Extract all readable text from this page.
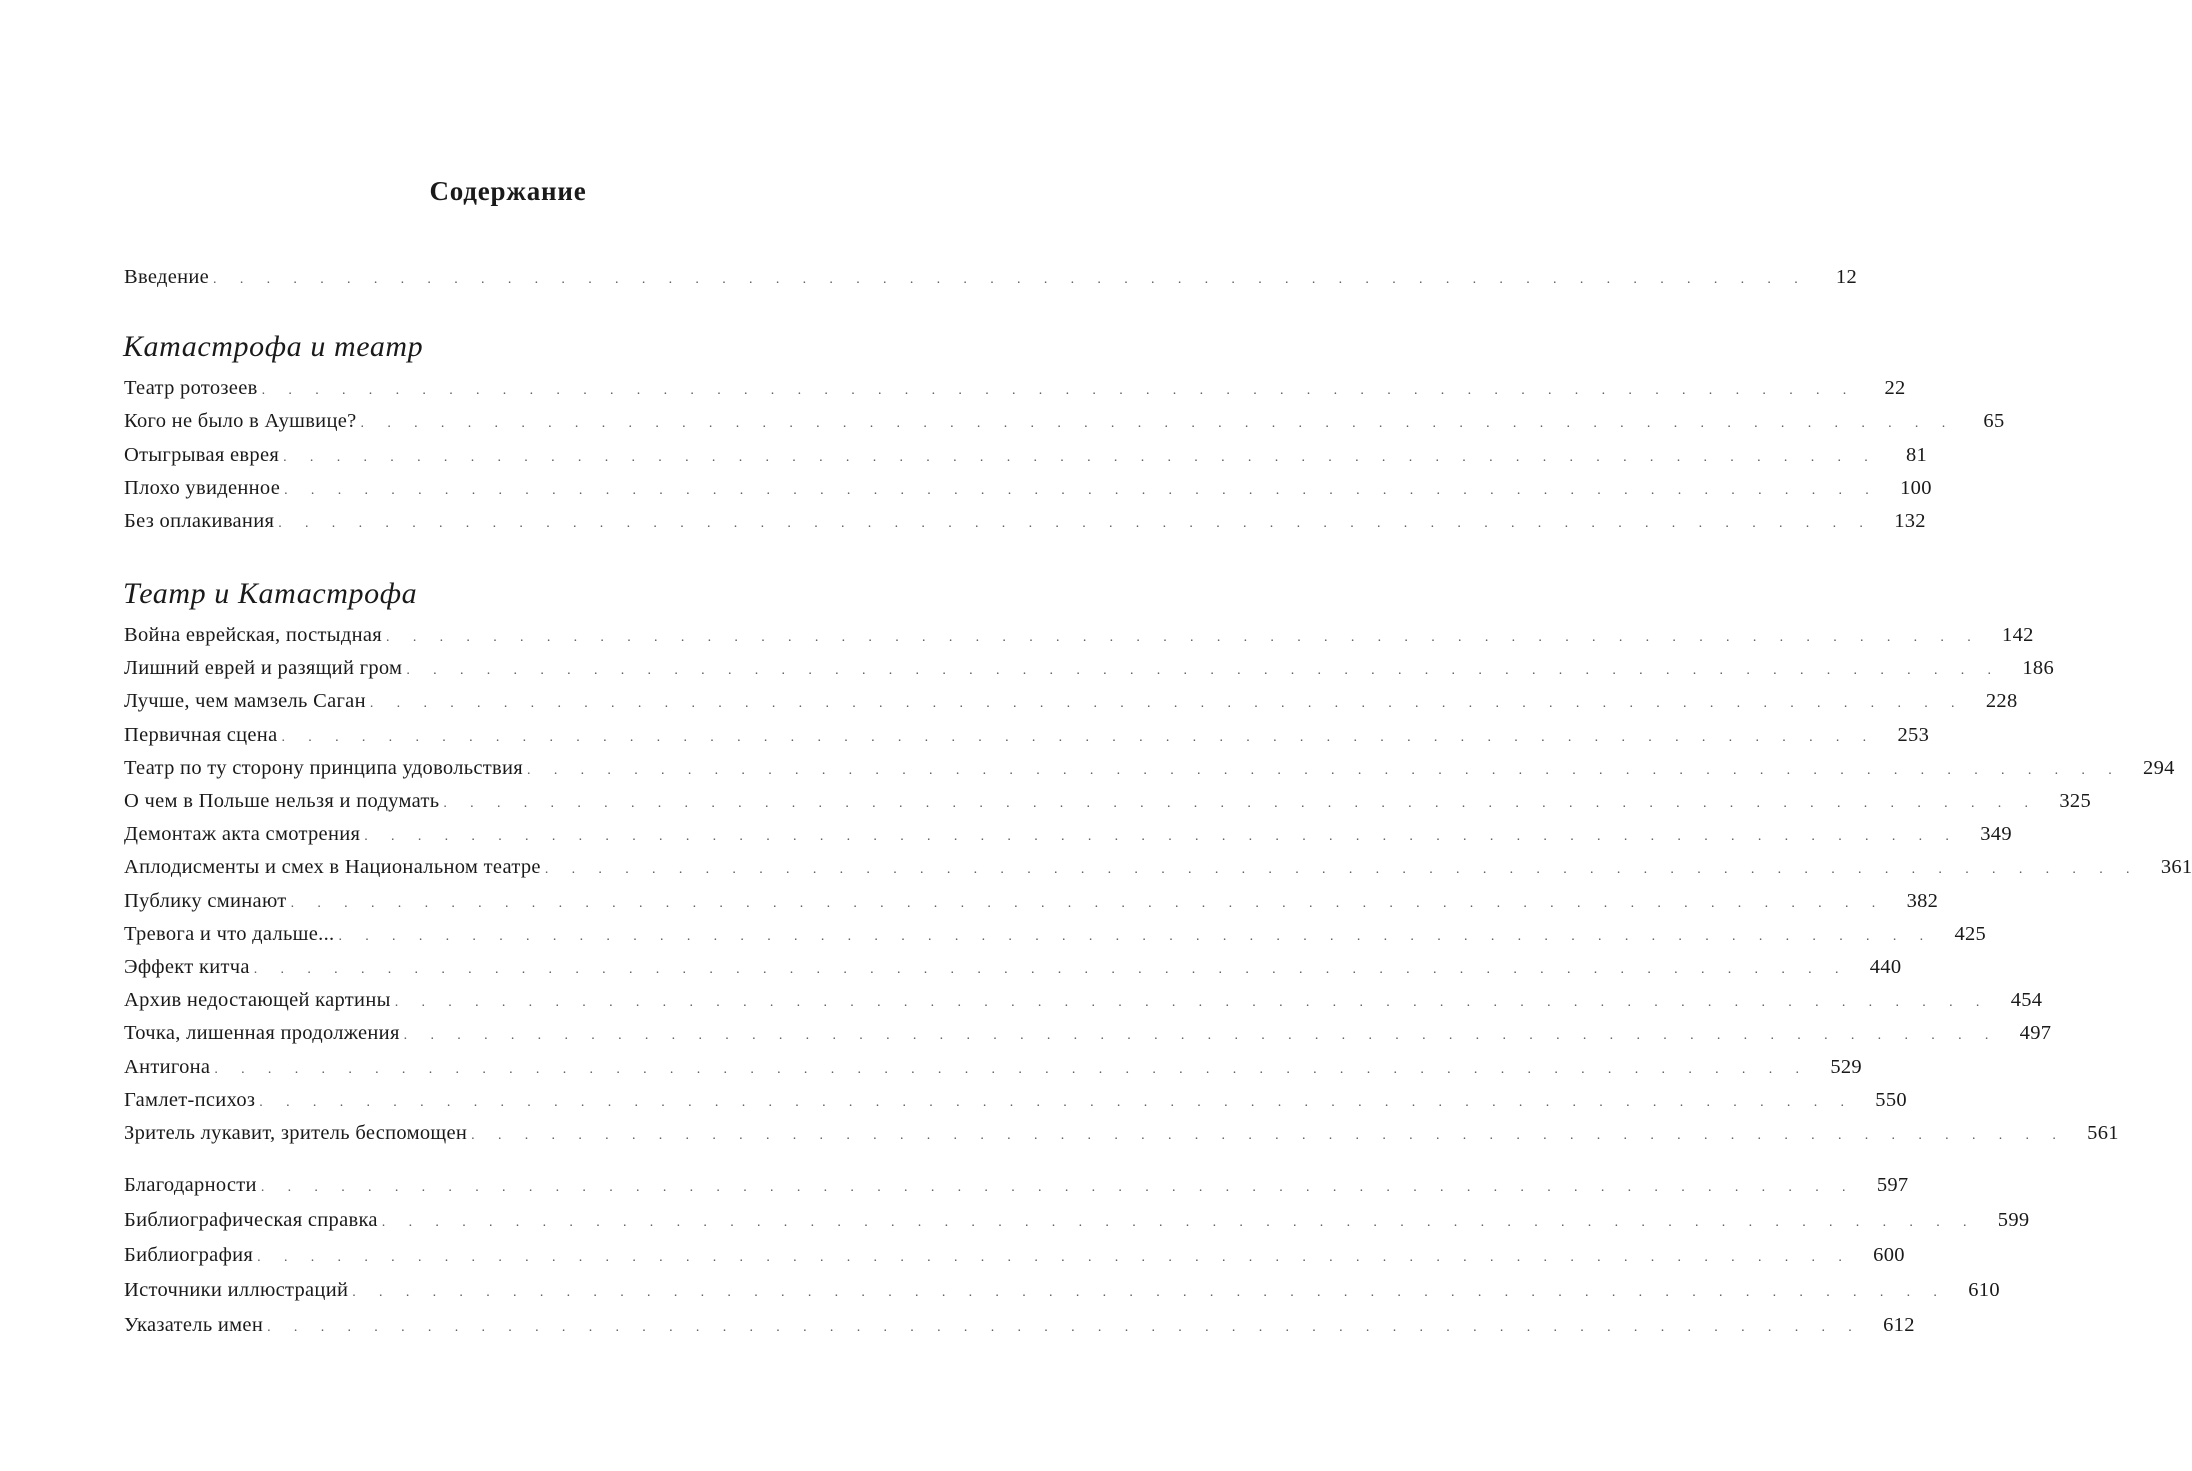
Содержание
Введение ............................................................ 12
Катастрофа и театр
Театр ротозеев ............................................................ 22
Кого не было в Аушвице? ............................................................ 65
Отыгрывая еврея ............................................................ 81
Плохо увиденное ............................................................ 100
Без оплакивания ............................................................ 132
Театр и Катастрофа
Война еврейская, постыдная ............................................................ 142
Лишний еврей и разящий гром ............................................................ 186
Лучше, чем мамзель Саган ............................................................ 228
Первичная сцена ............................................................ 253
Театр по ту сторону принципа удовольствия ............................................................ 294
О чем в Польше нельзя и подумать ............................................................ 325
Демонтаж акта смотрения ............................................................ 349
Аплодисменты и смех в Национальном театре ............................................................ 361
Публику сминают ............................................................ 382
Тревога и что дальше... ............................................................ 425
Эффект китча ............................................................ 440
Архив недостающей картины ............................................................ 454
Точка, лишенная продолжения ............................................................ 497
Антигона ............................................................ 529
Гамлет-психоз ............................................................ 550
Зритель лукавит, зритель беспомощен ............................................................ 561
Благодарности ............................................................ 597
Библиографическая справка ............................................................ 599
Библиография ............................................................ 600
Источники иллюстраций ............................................................ 610
Указатель имен ............................................................ 612
